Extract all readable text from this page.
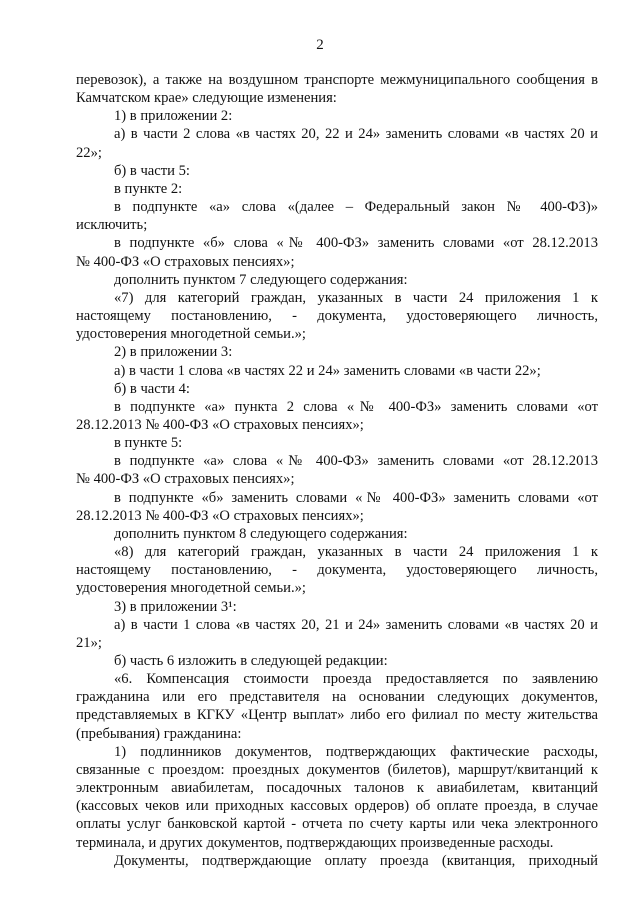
2

перевозок), а также на воздушном транспорте межмуниципального сообщения в

Камчатском крае» следующие изменения:

1) в приложении 2:

а) в части 2 слова «в частях 20, 22 и 24» заменить словами «в частях 20 и

22»;

б) в части 5:

в пункте 2:

в подпункте «а» слова «(далее – Федеральный закон № 400-ФЗ)»

исключить;

в подпункте «б» слова «№ 400-ФЗ» заменить словами «от 28.12.2013

№ 400-ФЗ «О страховых пенсиях»;

дополнить пунктом 7 следующего содержания:

«7) для категорий граждан, указанных в части 24 приложения 1 к

настоящему постановлению, - документа, удостоверяющего личность,

удостоверения многодетной семьи.»;

2) в приложении 3:

а) в части 1 слова «в частях 22 и 24» заменить словами «в части 22»;

б) в части 4:

в подпункте «а» пункта 2 слова «№ 400-ФЗ» заменить словами «от

28.12.2013 № 400-ФЗ «О страховых пенсиях»;

в пункте 5:

в подпункте «а» слова «№ 400-ФЗ» заменить словами «от 28.12.2013

№ 400-ФЗ «О страховых пенсиях»;

в подпункте «б» заменить словами «№ 400-ФЗ» заменить словами «от

28.12.2013 № 400-ФЗ «О страховых пенсиях»;

дополнить пунктом 8 следующего содержания:

«8) для категорий граждан, указанных в части 24 приложения 1 к

настоящему постановлению, - документа, удостоверяющего личность,

удостоверения многодетной семьи.»;

3) в приложении 3¹:

а) в части 1 слова «в частях 20, 21 и 24» заменить словами «в частях 20 и

21»;

б) часть 6 изложить в следующей редакции:

«6. Компенсация стоимости проезда предоставляется по заявлению

гражданина или его представителя на основании следующих документов,

представляемых в КГКУ «Центр выплат» либо его филиал по месту жительства

(пребывания) гражданина:

1) подлинников документов, подтверждающих фактические расходы,

связанные с проездом: проездных документов (билетов), маршрут/квитанций к

электронным авиабилетам, посадочных талонов к авиабилетам, квитанций

(кассовых чеков или приходных кассовых ордеров) об оплате проезда, в случае

оплаты услуг банковской картой - отчета по счету карты или чека электронного

терминала, и других документов, подтверждающих произведенные расходы.

Документы, подтверждающие оплату проезда (квитанция, приходный
